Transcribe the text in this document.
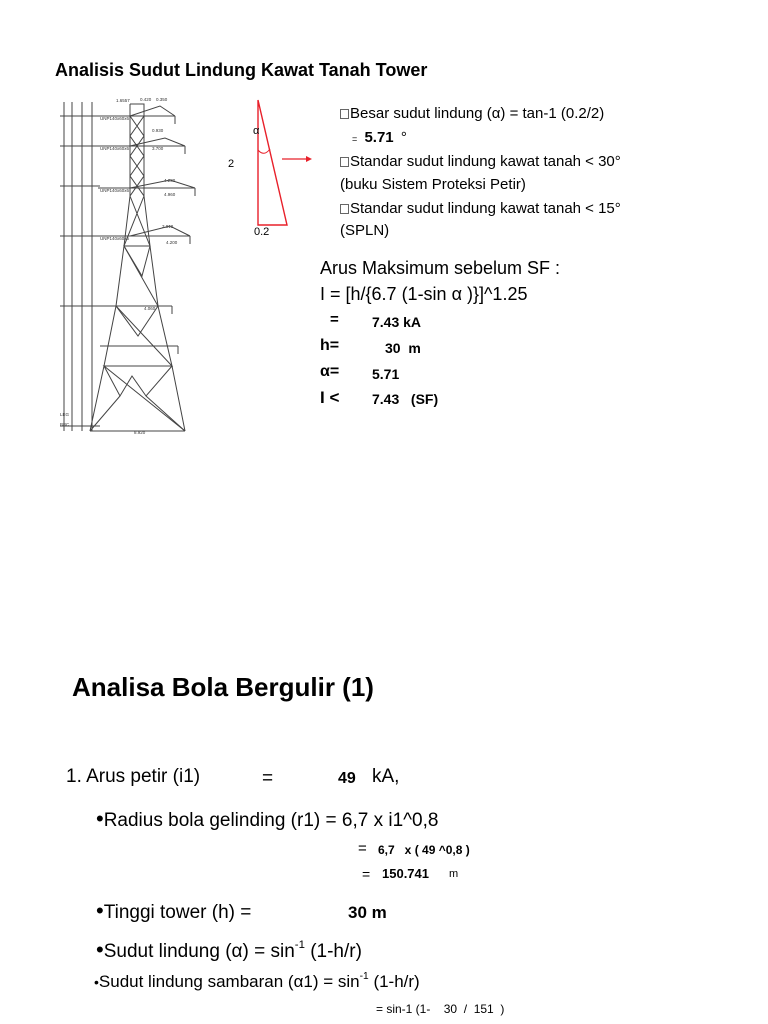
Analisis Sudut Lindung Kawat Tanah Tower
1.6557 0.420 0.350
0.930
3.700
4.230
4.960
3.010
4.200
4.060
8.920
UNP140x60x6
UNP140x60x6
UNP140x60x6
UNP140x60x6
LEG
BBC
α
2
0.2
Besar sudut lindung (α) = tan-1 (0.2/2)
= 5.71 °
Standar sudut lindung kawat tanah < 30°
(buku Sistem Proteksi Petir)
Standar sudut lindung kawat tanah < 15°
(SPLN)
Arus Maksimum sebelum SF :
I = [h/{6.7 (1-sin α )}]^1.25
= 7.43 kA
h=	30 m
α= 5.71
I < 7.43 (SF)
Analisa Bola Bergulir (1)
1. Arus petir (i1)	=	49 kA,
•Radius bola gelinding (r1) = 6,7 x i1^0,8
= 6,7   x ( 49 ^0,8 )
= 150.741 m
•Tinggi tower (h) =	30 m
•Sudut lindung $(\alpha) = \sin^{-1} (1-h/r)$
•Sudut lindung sambaran $(\alpha 1) = \sin^{-1} (1-h/r)$
= sin-1 (1-    30  /  151  )
